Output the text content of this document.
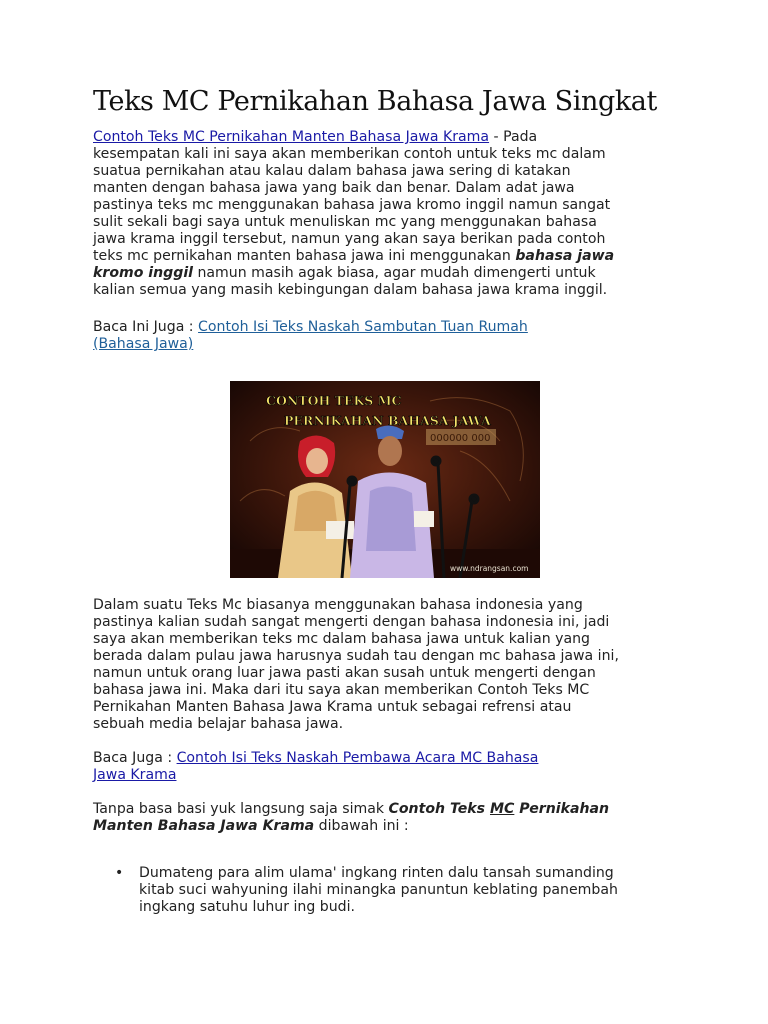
Teks MC Pernikahan Bahasa Jawa Singkat
Contoh Teks MC Pernikahan Manten Bahasa Jawa Krama - Pada
kesempatan kali ini saya akan memberikan contoh untuk teks mc dalam
suatua pernikahan atau kalau dalam bahasa jawa sering di katakan
manten dengan bahasa jawa yang baik dan benar. Dalam adat jawa
pastinya teks mc menggunakan bahasa jawa kromo inggil namun sangat
sulit sekali bagi saya untuk menuliskan mc yang menggunakan bahasa
jawa krama inggil tersebut, namun yang akan saya berikan pada contoh
teks mc pernikahan manten bahasa jawa ini menggunakan bahasa jawa
kromo inggil namun masih agak biasa, agar mudah dimengerti untuk
kalian semua yang masih kebingungan dalam bahasa jawa krama inggil.
Baca Ini Juga : Contoh Isi Teks Naskah Sambutan Tuan Rumah
(Bahasa Jawa)
000000 000
CONTOH TEKS MC
PERNIKAHAN BAHASA JAWA
www.ndrangsan.com
Dalam suatu Teks Mc biasanya menggunakan bahasa indonesia yang
pastinya kalian sudah sangat mengerti dengan bahasa indonesia ini, jadi
saya akan memberikan teks mc dalam bahasa jawa untuk kalian yang
berada dalam pulau jawa harusnya sudah tau dengan mc bahasa jawa ini,
namun untuk orang luar jawa pasti akan susah untuk mengerti dengan
bahasa jawa ini. Maka dari itu saya akan memberikan Contoh Teks MC
Pernikahan Manten Bahasa Jawa Krama untuk sebagai refrensi atau
sebuah media belajar bahasa jawa.
Baca Juga : Contoh Isi Teks Naskah Pembawa Acara MC Bahasa
Jawa Krama
Tanpa basa basi yuk langsung saja simak Contoh Teks MC Pernikahan
Manten Bahasa Jawa Krama dibawah ini :
• Dumateng para alim ulama' ingkang rinten dalu tansah sumanding
kitab suci wahyuning ilahi minangka panuntun keblating panembah
ingkang satuhu luhur ing budi.
